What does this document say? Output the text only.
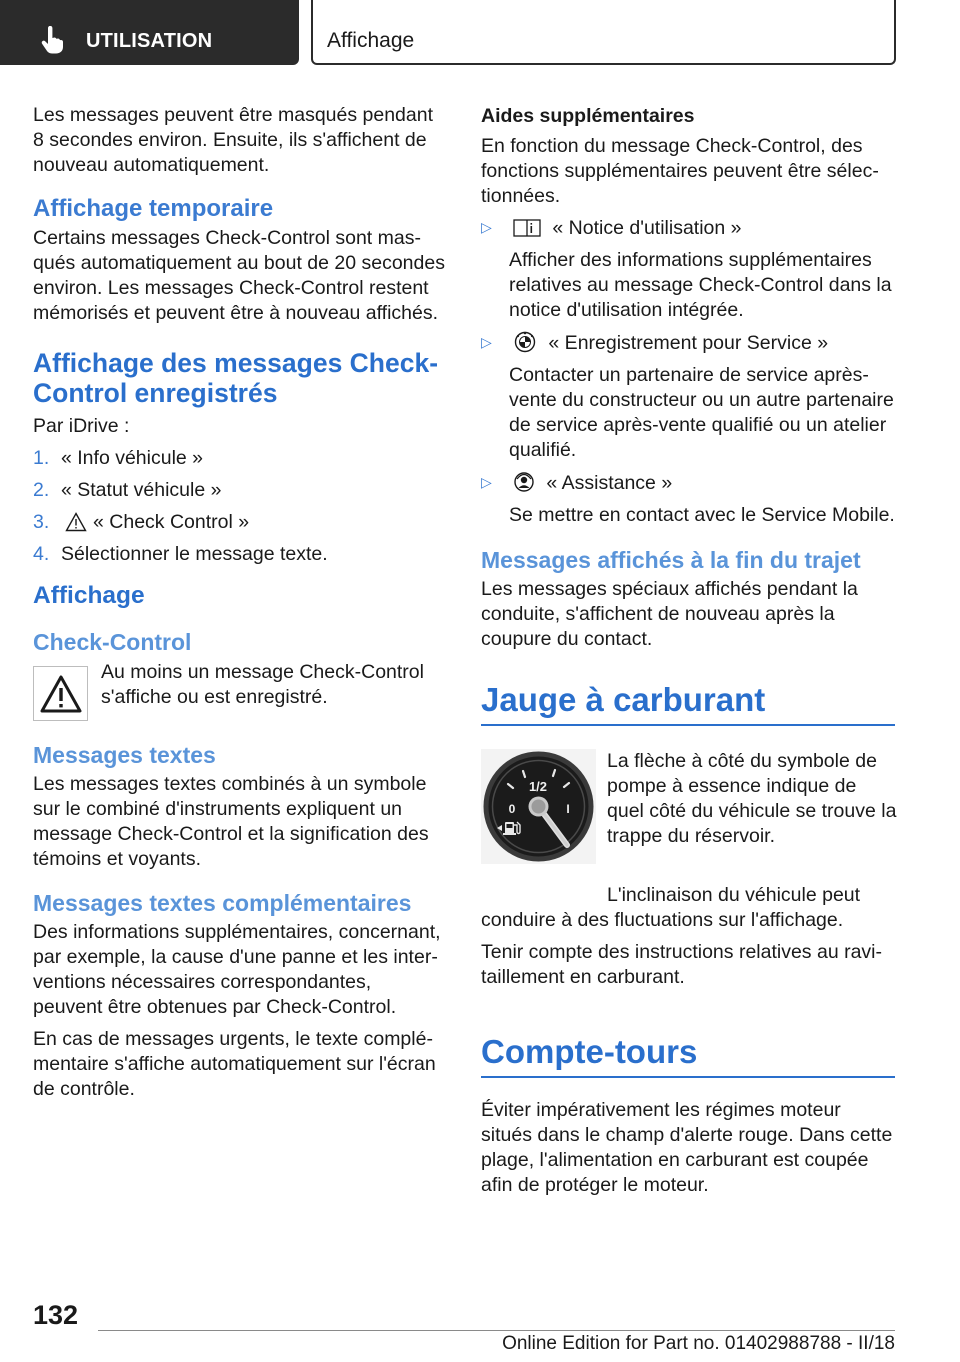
UTILISATION	Affichage

Les messages peuvent être masqués pendant 8 secondes environ. Ensuite, ils s'affichent de nouveau automatiquement.

Affichage temporaire

Certains messages Check-Control sont masqués automatiquement au bout de 20 secondes environ. Les messages Check-Control restent mémorisés et peuvent être à nouveau affichés.

Affichage des messages Check-Control enregistrés

Par iDrive :

1. « Info véhicule »
2. « Statut véhicule »
3. « Check Control »
4. Sélectionner le message texte.
Affichage
Check-Control

Au moins un message Check-Control s'affiche ou est enregistré.

Messages textes

Les messages textes combinés à un symbole sur le combiné d'instruments expliquent un message Check-Control et la signification des témoins et voyants.

Messages textes complémentaires

Des informations supplémentaires, concernant, par exemple, la cause d'une panne et les interventions nécessaires correspondantes, peuvent être obtenues par Check-Control.

En cas de messages urgents, le texte complémentaire s'affiche automatiquement sur l'écran de contrôle.

Aides supplémentaires

En fonction du message Check-Control, des fonctions supplémentaires peuvent être sélectionnées.

▷	« Notice d'utilisation »
Afficher des informations supplémentaires relatives au message Check-Control dans la notice d'utilisation intégrée.
▷	« Enregistrement pour Service »
Contacter un partenaire de service après-vente du constructeur ou un autre partenaire de service après-vente qualifié ou un atelier qualifié.
▷	« Assistance »
Se mettre en contact avec le Service Mobile.
Messages affichés à la fin du trajet

Les messages spéciaux affichés pendant la conduite, s'affichent de nouveau après la coupure du contact.

Jauge à carburant
1/2
0	I

La flèche à côté du symbole de pompe à essence indique de quel côté du véhicule se trouve la trappe du réservoir.

L'inclinaison du véhicule peut conduire à des fluctuations sur l'affichage.

Tenir compte des instructions relatives au ravitaillement en carburant.

Compte-tours

Éviter impérativement les régimes moteur situés dans le champ d'alerte rouge. Dans cette plage, l'alimentation en carburant est coupée afin de protéger le moteur.

132
Online Edition for Part no. 01402988788 - II/18
